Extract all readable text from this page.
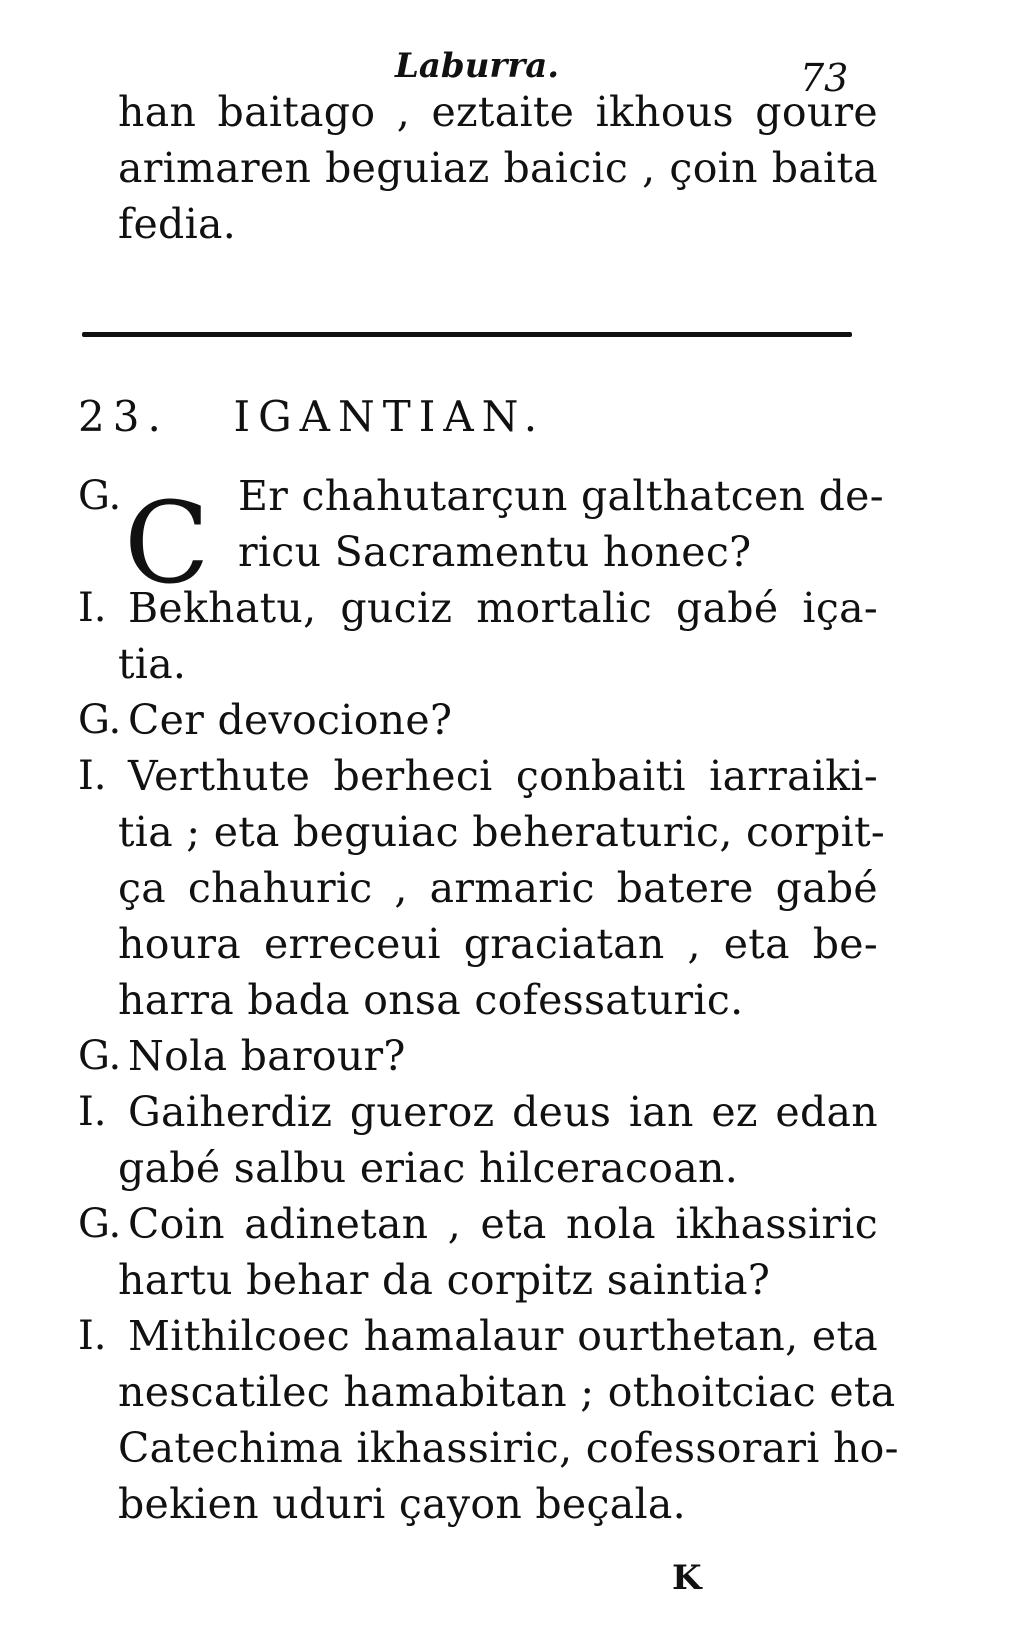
Laburra.	73
han baitago , eztaite ikhous goure
arimaren beguiaz baicic , çoin baita
fedia.
23. IGANTIAN.
G. C Er chahutarçun galthatcen de-
ricu Sacramentu honec?
I. Bekhatu, guciz mortalic gabé iça-
tia.
G. Cer devocione?
I. Verthute berheci çonbaiti iarraiki-
tia ; eta beguiac beheraturic, corpit-
ça chahuric , armaric batere gabé
houra erreceui graciatan , eta be-
harra bada onsa cofessaturic.
G. Nola barour?
I. Gaiherdiz gueroz deus ian ez edan
gabé salbu eriac hilceracoan.
G. Coin adinetan , eta nola ikhassiric
hartu behar da corpitz saintia?
I. Mithilcoec hamalaur ourthetan, eta
nescatilec hamabitan ; othoitciac eta
Catechima ikhassiric, cofessorari ho-
bekien uduri çayon beçala.
K
